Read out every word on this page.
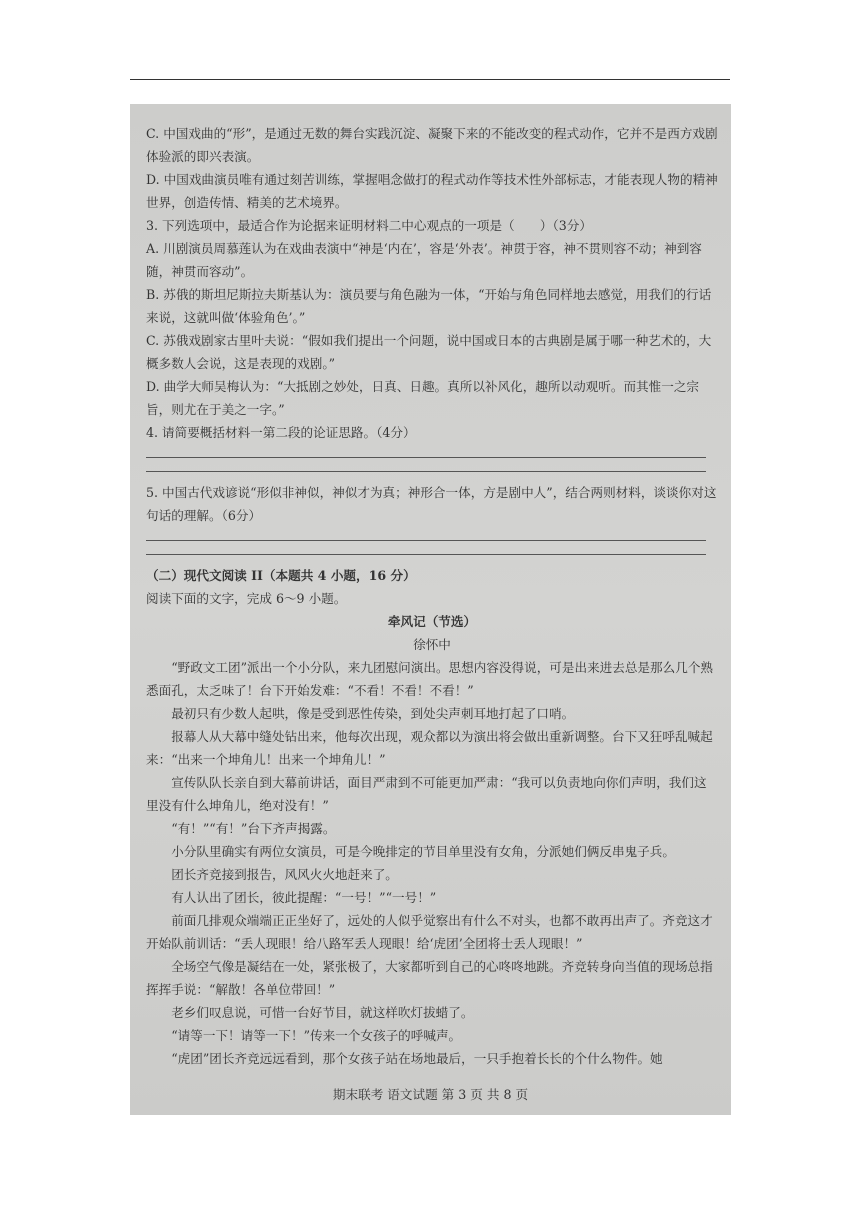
C. 中国戏曲的“形”，是通过无数的舞台实践沉淀、凝聚下来的不能改变的程式动作，它并不是西方戏剧体验派的即兴表演。

D. 中国戏曲演员唯有通过刻苦训练，掌握唱念做打的程式动作等技术性外部标志，才能表现人物的精神世界，创造传情、精美的艺术境界。

3. 下列选项中，最适合作为论据来证明材料二中心观点的一项是（　　）（3分）

A. 川剧演员周慕莲认为在戏曲表演中“神是‘内在’，容是‘外表’。神贯于容，神不贯则容不动；神到容随，神贯而容动”。

B. 苏俄的斯坦尼斯拉夫斯基认为：演员要与角色融为一体，“开始与角色同样地去感觉，用我们的行话来说，这就叫做‘体验角色’。”

C. 苏俄戏剧家古里叶夫说：“假如我们提出一个问题，说中国或日本的古典剧是属于哪一种艺术的，大概多数人会说，这是表现的戏剧。”

D. 曲学大师吴梅认为：“大抵剧之妙处，日真、日趣。真所以补风化，趣所以动观听。而其惟一之宗旨，则尤在于美之一字。”

4. 请简要概括材料一第二段的论证思路。（4分）

5. 中国古代戏谚说“形似非神似，神似才为真；神形合一体，方是剧中人”，结合两则材料，谈谈你对这句话的理解。（6分）

（二）现代文阅读 II（本题共 4 小题，16 分）

阅读下面的文字，完成 6～9 小题。

牵风记（节选）

徐怀中

“野政文工团”派出一个小分队，来九团慰问演出。思想内容没得说，可是出来进去总是那么几个熟悉面孔，太乏味了！台下开始发难：“不看！不看！不看！”

最初只有少数人起哄，像是受到恶性传染，到处尖声刺耳地打起了口哨。

报幕人从大幕中缝处钻出来，他每次出现，观众都以为演出将会做出重新调整。台下又狂呼乱喊起来：“出来一个坤角儿！出来一个坤角儿！”

宣传队队长亲自到大幕前讲话，面目严肃到不可能更加严肃：“我可以负责地向你们声明，我们这里没有什么坤角儿，绝对没有！”

“有！”“有！”台下齐声揭露。

小分队里确实有两位女演员，可是今晚排定的节目单里没有女角，分派她们俩反串鬼子兵。

团长齐竞接到报告，风风火火地赶来了。

有人认出了团长，彼此提醒：“一号！”“一号！”

前面几排观众端端正正坐好了，远处的人似乎觉察出有什么不对头，也都不敢再出声了。齐竞这才开始队前训话：“丢人现眼！给八路军丢人现眼！给‘虎团’全团将士丢人现眼！”

全场空气像是凝结在一处，紧张极了，大家都听到自己的心咚咚地跳。齐竞转身向当值的现场总指挥挥手说：“解散！各单位带回！”

老乡们叹息说，可惜一台好节目，就这样吹灯拔蜡了。

“请等一下！请等一下！”传来一个女孩子的呼喊声。

“虎团”团长齐竞远远看到，那个女孩子站在场地最后，一只手抱着长长的个什么物件。她

期末联考 语文试题 第 3 页 共 8 页
